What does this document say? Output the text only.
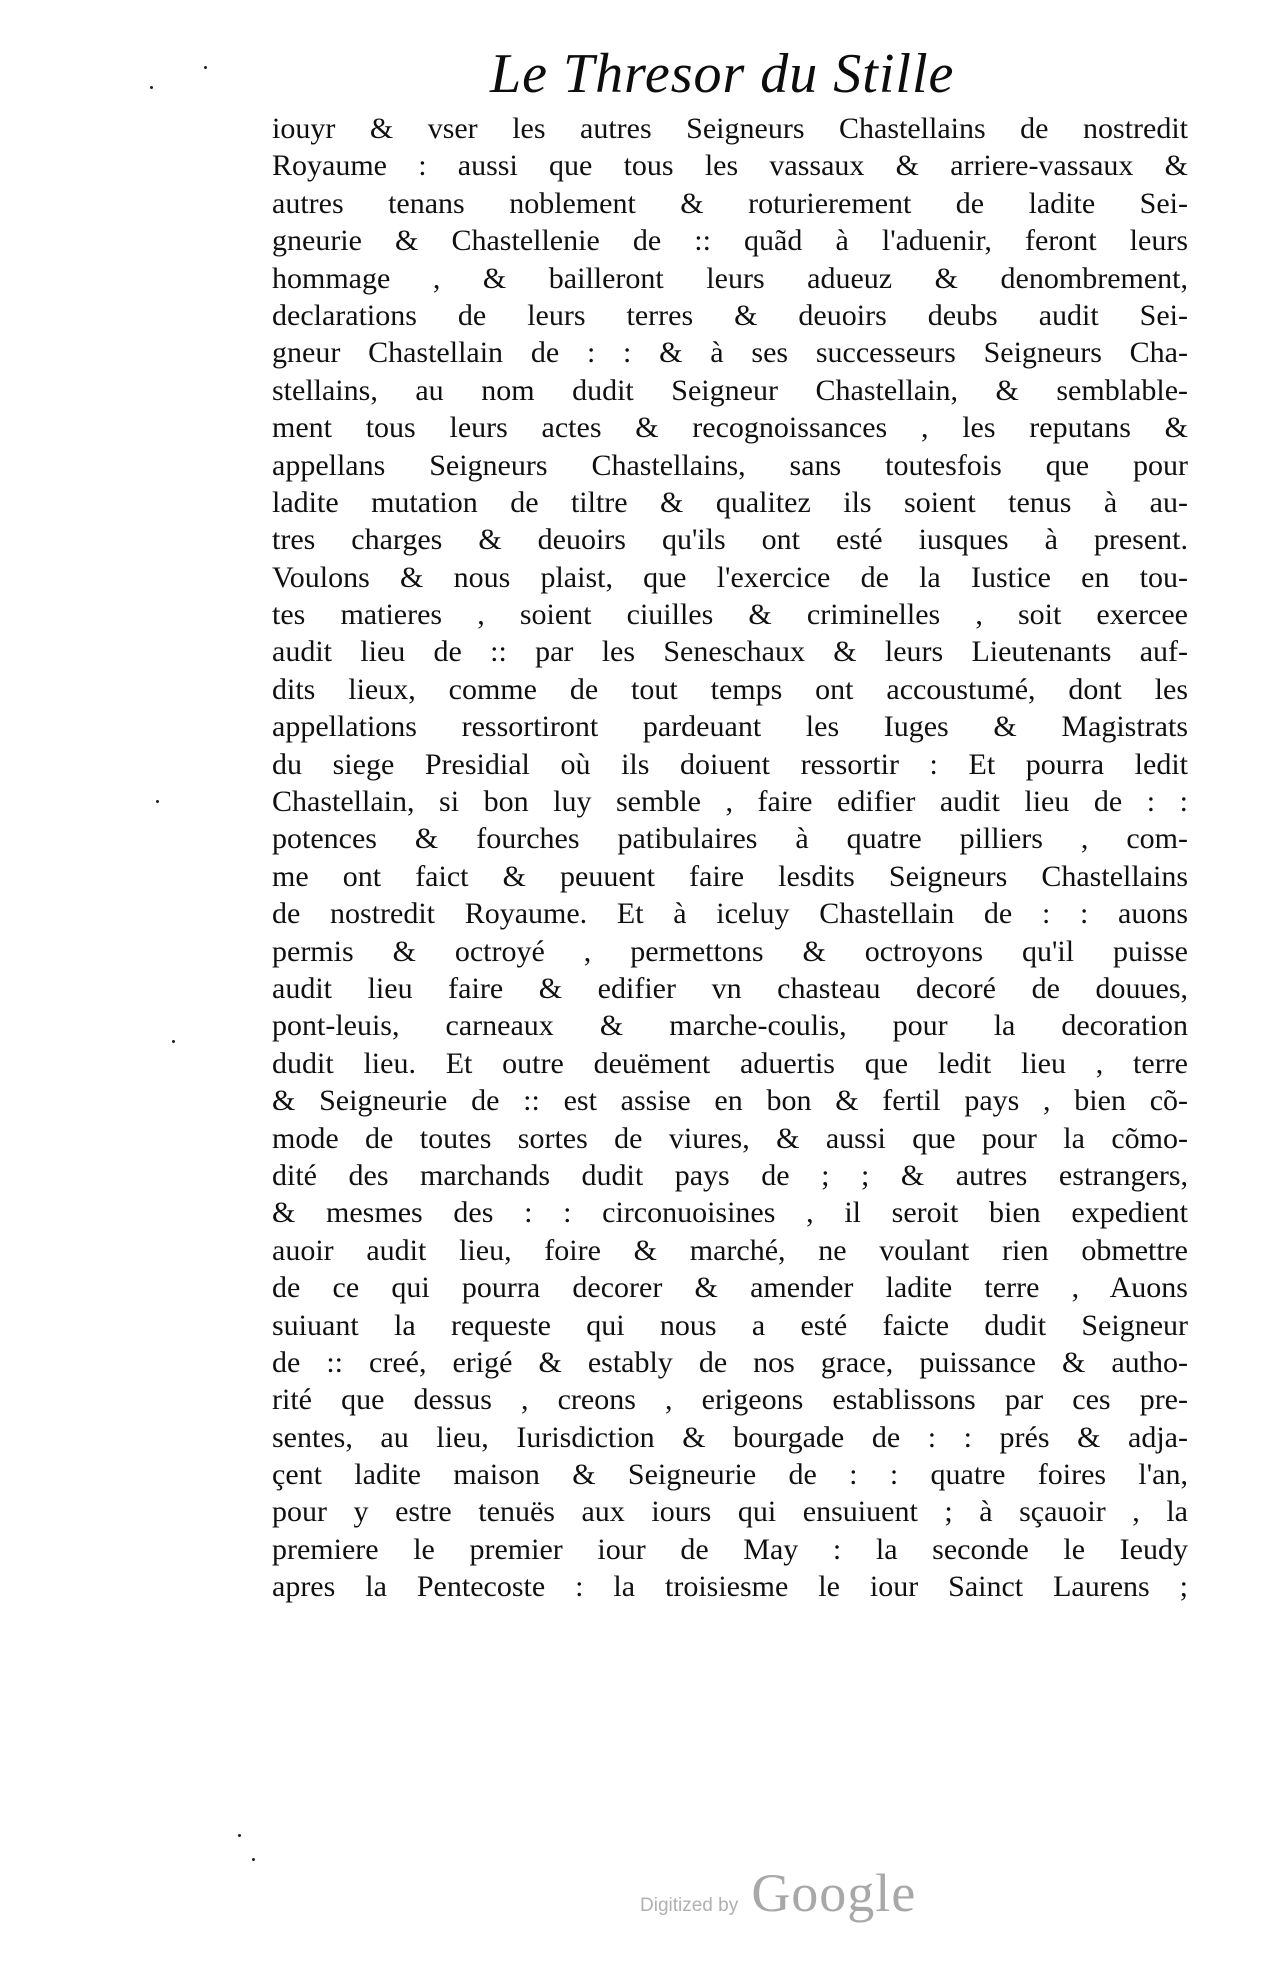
Le Thresor du Stille
iouyr & vser les autres Seigneurs Chastellains de nostredit
Royaume : aussi que tous les vassaux & arriere-vassaux &
autres tenans noblement & roturierement de ladite Sei-
gneurie & Chastellenie de :: quãd à l'aduenir, feront leurs
hommage , & bailleront leurs adueuz & denombrement,
declarations de leurs terres & deuoirs deubs audit Sei-
gneur Chastellain de : : & à ses successeurs Seigneurs Cha-
stellains, au nom dudit Seigneur Chastellain, & semblable-
ment tous leurs actes & recognoissances , les reputans &
appellans Seigneurs Chastellains, sans toutesfois que pour
ladite mutation de tiltre & qualitez ils soient tenus à au-
tres charges & deuoirs qu'ils ont esté iusques à present.
Voulons & nous plaist, que l'exercice de la Iustice en tou-
tes matieres , soient ciuilles & criminelles , soit exercee
audit lieu de :: par les Seneschaux & leurs Lieutenants auf-
dits lieux, comme de tout temps ont accoustumé, dont les
appellations ressortiront pardeuant les Iuges & Magistrats
du siege Presidial où ils doiuent ressortir : Et pourra ledit
Chastellain, si bon luy semble , faire edifier audit lieu de : :
potences & fourches patibulaires à quatre pilliers , com-
me ont faict & peuuent faire lesdits Seigneurs Chastellains
de nostredit Royaume. Et à iceluy Chastellain de : : auons
permis & octroyé , permettons & octroyons qu'il puisse
audit lieu faire & edifier vn chasteau decoré de douues,
pont-leuis, carneaux & marche-coulis, pour la decoration
dudit lieu. Et outre deuëment aduertis que ledit lieu , terre
& Seigneurie de :: est assise en bon & fertil pays , bien cõ-
mode de toutes sortes de viures, & aussi que pour la cõmo-
dité des marchands dudit pays de ; ; & autres estrangers,
& mesmes des : : circonuoisines , il seroit bien expedient
auoir audit lieu, foire & marché, ne voulant rien obmettre
de ce qui pourra decorer & amender ladite terre , Auons
suiuant la requeste qui nous a esté faicte dudit Seigneur
de :: creé, erigé & estably de nos grace, puissance & autho-
rité que dessus , creons , erigeons establissons par ces pre-
sentes, au lieu, Iurisdiction & bourgade de : : prés & adja-
çent ladite maison & Seigneurie de : : quatre foires l'an,
pour y estre tenuës aux iours qui ensuiuent ; à sçauoir , la
premiere le premier iour de May : la seconde le Ieudy
apres la Pentecoste : la troisiesme le iour Sainct Laurens ;
Digitized by Google
